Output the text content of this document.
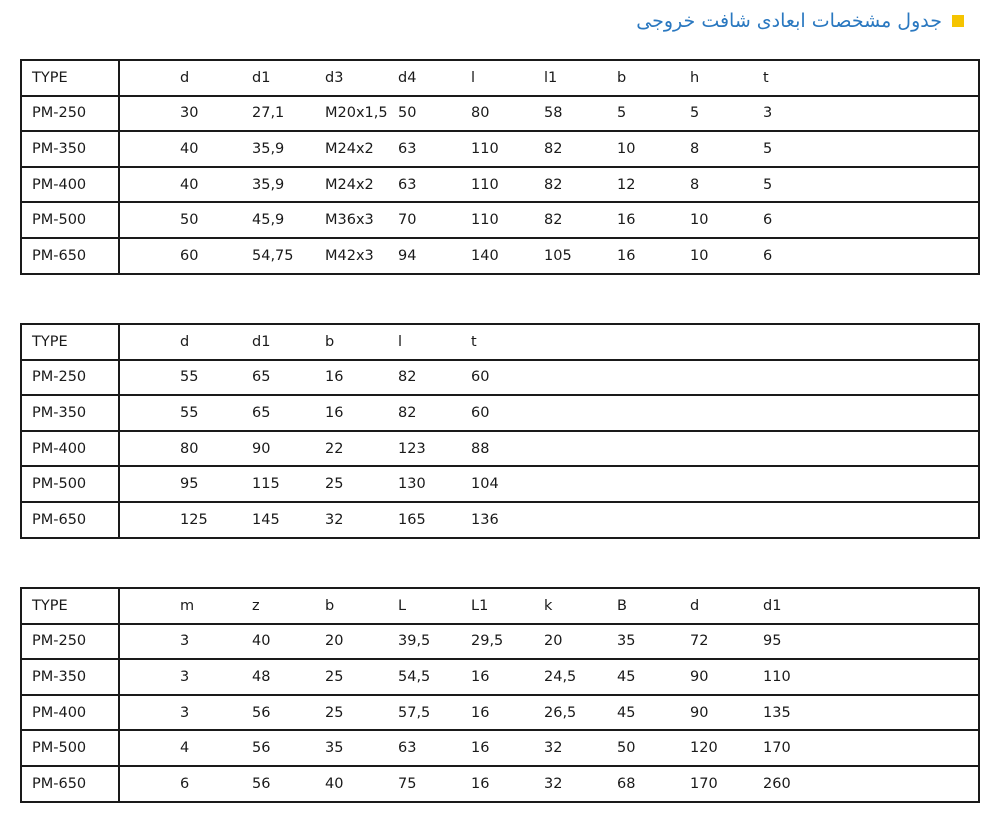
جدول مشخصات ابعادی شافت خروجی
TYPE	d	d1	d3	d4	l	l1	b	h	t
PM-250	30	27,1	M20x1,5	50	80	58	5	5	3
PM-350	40	35,9	M24x2	63	110	82	10	8	5
PM-400	40	35,9	M24x2	63	110	82	12	8	5
PM-500	50	45,9	M36x3	70	110	82	16	10	6
PM-650	60	54,75	M42x3	94	140	105	16	10	6
TYPE	d	d1	b	l	t
PM-250	55	65	16	82	60
PM-350	55	65	16	82	60
PM-400	80	90	22	123	88
PM-500	95	115	25	130	104
PM-650	125	145	32	165	136
TYPE	m	z	b	L	L1	k	B	d	d1
PM-250	3	40	20	39,5	29,5	20	35	72	95
PM-350	3	48	25	54,5	16	24,5	45	90	110
PM-400	3	56	25	57,5	16	26,5	45	90	135
PM-500	4	56	35	63	16	32	50	120	170
PM-650	6	56	40	75	16	32	68	170	260
